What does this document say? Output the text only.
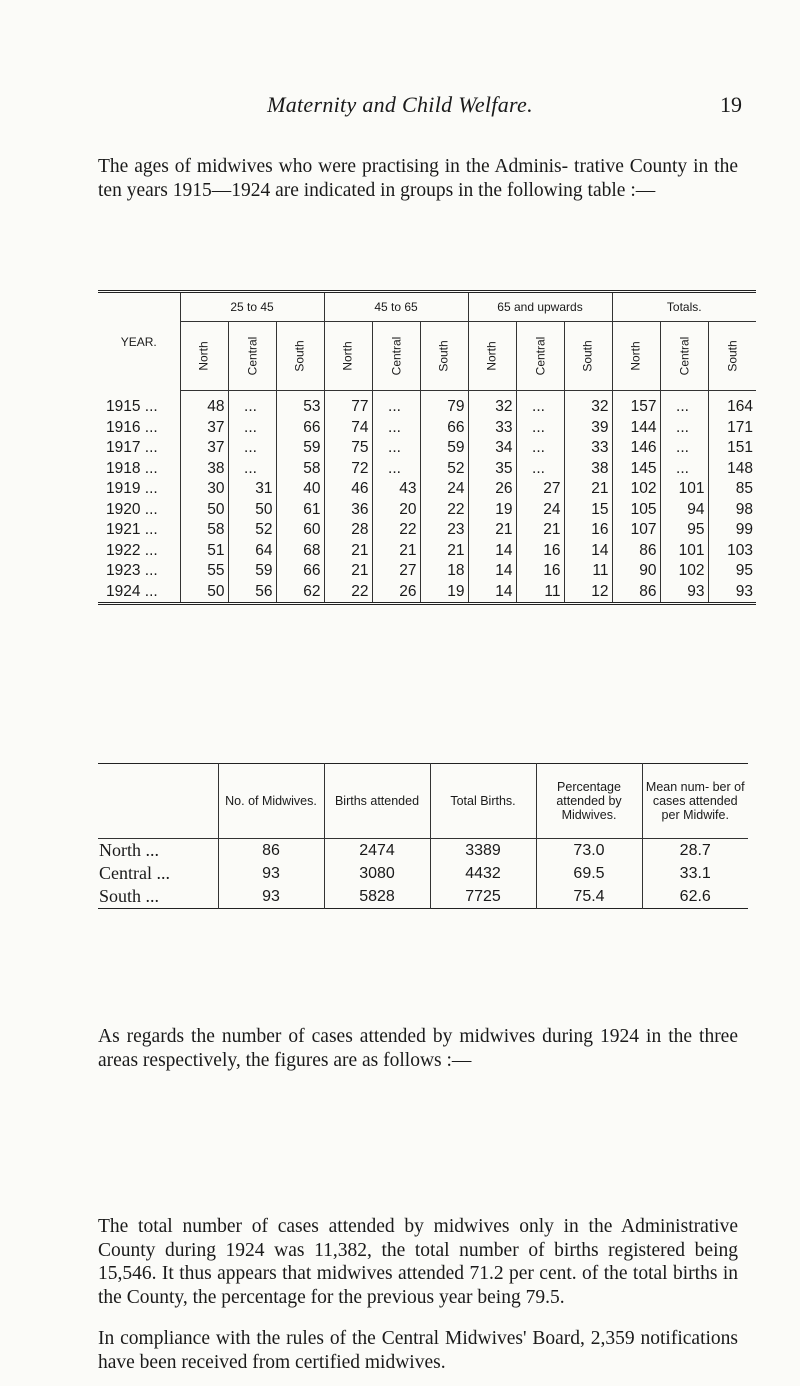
Maternity and Child Welfare.	19

The ages of midwives who were practising in the Adminis- trative County in the ten years 1915—1924 are indicated in groups in the following table :—

YEAR.	25 to 45			45 to 65			65 and upwards			Totals.		
	North	Central	South	North	Central	South	North	Central	South	North	Central	South
1915 ...	48	...	53	77	...	79	32	...	32	157	...	164
1916 ...	37	...	66	74	...	66	33	...	39	144	...	171
1917 ...	37	...	59	75	...	59	34	...	33	146	...	151
1918 ...	38	...	58	72	...	52	35	...	38	145	...	148
1919 ...	30	31	40	46	43	24	26	27	21	102	101	85
1920 ...	50	50	61	36	20	22	19	24	15	105	94	98
1921 ...	58	52	60	28	22	23	21	21	16	107	95	99
1922 ...	51	64	68	21	21	21	14	16	14	86	101	103
1923 ...	55	59	66	21	27	18	14	16	11	90	102	95
1924 ...	50	56	62	22	26	19	14	11	12	86	93	93

As regards the number of cases attended by midwives during 1924 in the three areas respectively, the figures are as follows :—

	No. of Midwives.	Births attended	Total Births.	Percentage attended by Midwives.	Mean num- ber of cases attended per Midwife.
North ...	86	2474	3389	73.0	28.7
Central ...	93	3080	4432	69.5	33.1
South ...	93	5828	7725	75.4	62.6

The total number of cases attended by midwives only in the Administrative County during 1924 was 11,382, the total number of births registered being 15,546. It thus appears that midwives attended 71.2 per cent. of the total births in the County, the percentage for the previous year being 79.5.

In compliance with the rules of the Central Midwives' Board, 2,359 notifications have been received from certified midwives.
